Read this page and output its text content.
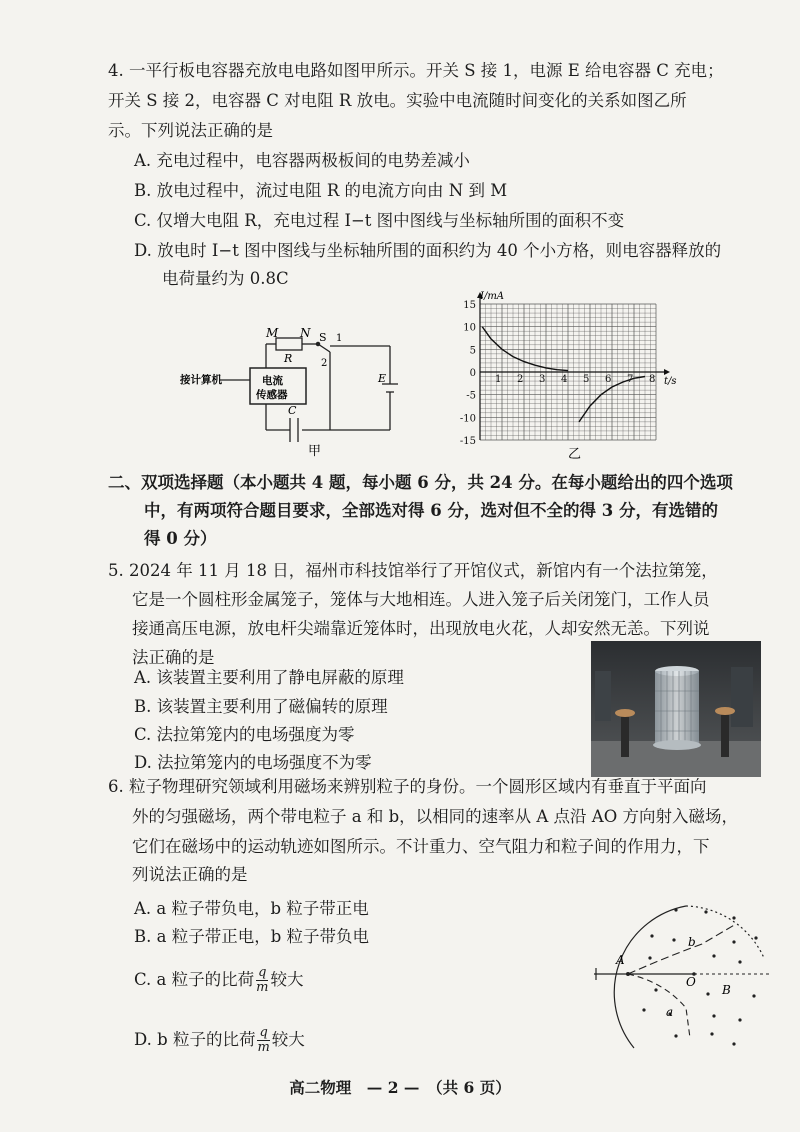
4. 一平行板电容器充放电电路如图甲所示。开关 S 接 1，电源 E 给电容器 C 充电；
开关 S 接 2，电容器 C 对电阻 R 放电。实验中电流随时间变化的关系如图乙所
示。下列说法正确的是
A. 充电过程中，电容器两极板间的电势差减小
B. 放电过程中，流过电阻 R 的电流方向由 N 到 M
C. 仅增大电阻 R，充电过程 I−t 图中图线与坐标轴所围的面积不变
D. 放电时 I−t 图中图线与坐标轴所围的面积约为 40 个小方格，则电容器释放的
电荷量约为 0.8C
M N S 1
2
R
E
C
接计算机	电流
传感器
甲
1 2 3 4 5 6 7 8
15
10
5
0
-5
-10
-15
I/mA
t/s
乙
二、双项选择题（本小题共 4 题，每小题 6 分，共 24 分。在每小题给出的四个选项
中，有两项符合题目要求，全部选对得 6 分，选对但不全的得 3 分，有选错的
得 0 分）
5. 2024 年 11 月 18 日，福州市科技馆举行了开馆仪式，新馆内有一个法拉第笼，
它是一个圆柱形金属笼子，笼体与大地相连。人进入笼子后关闭笼门，工作人员
接通高压电源，放电杆尖端靠近笼体时，出现放电火花，人却安然无恙。下列说
法正确的是
A. 该装置主要利用了静电屏蔽的原理
B. 该装置主要利用了磁偏转的原理
C. 法拉第笼内的电场强度为零
D. 法拉第笼内的电场强度不为零
6. 粒子物理研究领域利用磁场来辨别粒子的身份。一个圆形区域内有垂直于平面向
外的匀强磁场，两个带电粒子 a 和 b，以相同的速率从 A 点沿 AO 方向射入磁场，
它们在磁场中的运动轨迹如图所示。不计重力、空气阻力和粒子间的作用力，下
列说法正确的是
A. a 粒子带负电，b 粒子带正电
B. a 粒子带正电，b 粒子带负电
C. a 粒子的比荷 $\frac{q}{m}$ 较大
D. b 粒子的比荷 $\frac{q}{m}$ 较大
A
O
B
a
b
高二物理　— 2 —　（共 6 页）
